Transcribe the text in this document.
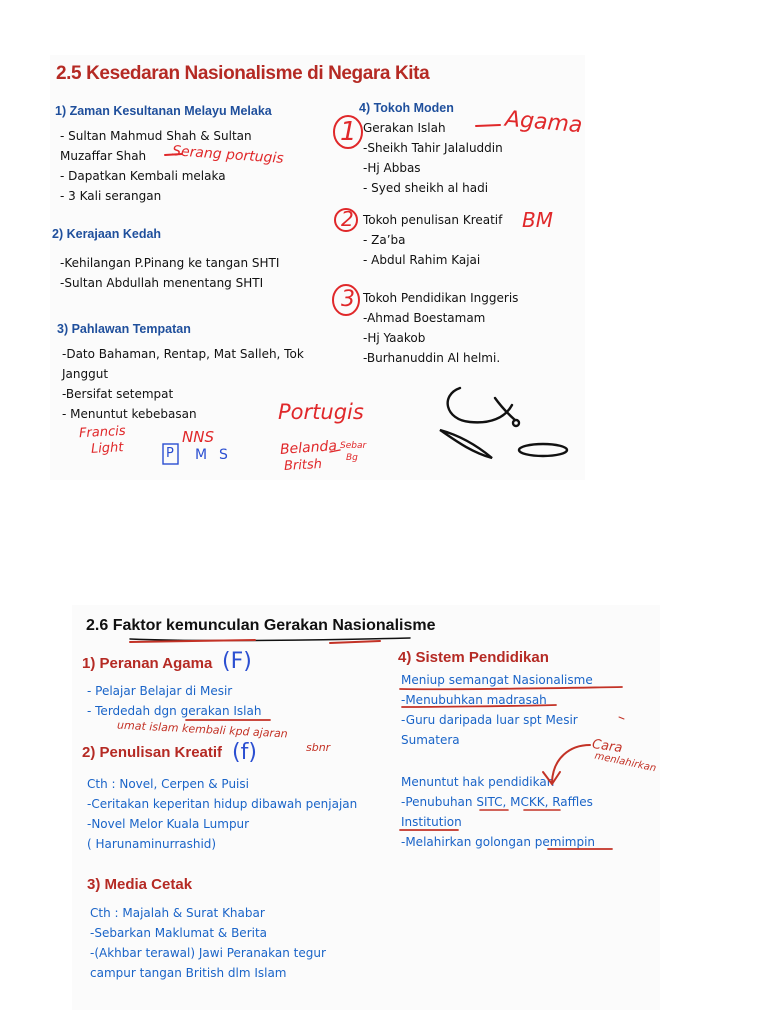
2.5 Kesedaran Nasionalisme di Negara Kita
1) Zaman Kesultanan Melayu Melaka
- Sultan Mahmud Shah & Sultan
Muzaffar Shah
- Dapatkan Kembali melaka
- 3 Kali serangan
Serang portugis
2) Kerajaan Kedah
-Kehilangan P.Pinang ke tangan SHTI
-Sultan Abdullah menentang SHTI
3) Pahlawan Tempatan
-Dato Bahaman, Rentap, Mat Salleh, Tok
Janggut
-Bersifat setempat
- Menuntut kebebasan
4) Tokoh Moden
Gerakan Islah
-Sheikh Tahir Jalaluddin
-Hj Abbas
- Syed sheikh al hadi
Tokoh penulisan Kreatif
- Za’ba
- Abdul Rahim Kajai
Tokoh Pendidikan Inggeris
-Ahmad Boestamam
-Hj Yaakob
-Burhanuddin Al helmi.
1
2
3
Agama
BM
Portugis
Francis
Light
NNS
P M S	Belanda Sebar
Bg
Britsh
2.6 Faktor kemunculan Gerakan Nasionalisme
1) Peranan Agama (F)
- Pelajar Belajar di Mesir
- Terdedah dgn gerakan Islah
umat islam kembali kpd ajaran
sbnr
2) Penulisan Kreatif (f)
Cth : Novel, Cerpen & Puisi
-Ceritakan keperitan hidup dibawah penjajan
-Novel Melor Kuala Lumpur
( Harunaminurrashid)
3) Media Cetak
Cth : Majalah & Surat Khabar
-Sebarkan Maklumat & Berita
-(Akhbar terawal) Jawi Peranakan tegur
campur tangan British dlm Islam
4) Sistem Pendidikan
Meniup semangat Nasionalisme
-Menubuhkan madrasah
-Guru daripada luar spt Mesir
Sumatera
Menuntut hak pendidikan
-Penubuhan SITC, MCKK, Raffles
Institution
-Melahirkan golongan pemimpin
Cara
menlahirkan
